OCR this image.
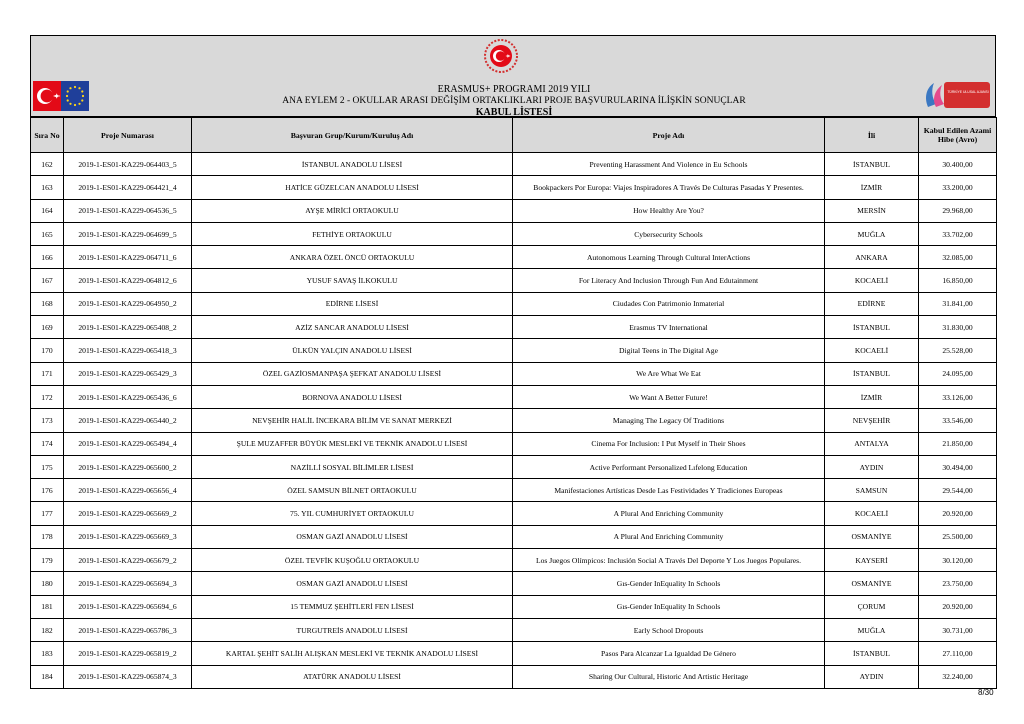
TÜRKİYE ULUSAL AJANSI
ERASMUS+ PROGRAMI 2019 YILI
ANA EYLEM 2 - OKULLAR ARASI DEĞİŞİM ORTAKLIKLARI PROJE BAŞVURULARINA İLİŞKİN SONUÇLAR
KABUL LİSTESİ
Sıra No	Proje Numarası	Başvuran Grup/Kurum/Kuruluş Adı	Proje Adı	İli	Kabul Edilen Azami Hibe (Avro)
162	2019-1-ES01-KA229-064403_5	İSTANBUL ANADOLU LİSESİ	Preventing Harassment And Violence in Eu Schools	İSTANBUL	30.400,00
163	2019-1-ES01-KA229-064421_4	HATİCE GÜZELCAN ANADOLU LİSESİ	Bookpackers Por Europa: Viajes Inspiradores A Través De Culturas Pasadas Y Presentes.	İZMİR	33.200,00
164	2019-1-ES01-KA229-064536_5	AYŞE MİRİCİ ORTAOKULU	How Healthy Are You?	MERSİN	29.968,00
165	2019-1-ES01-KA229-064699_5	FETHİYE ORTAOKULU	Cybersecurity Schools	MUĞLA	33.702,00
166	2019-1-ES01-KA229-064711_6	ANKARA ÖZEL ÖNCÜ ORTAOKULU	Autonomous Learning Through Cultural InterActions	ANKARA	32.085,00
167	2019-1-ES01-KA229-064812_6	YUSUF SAVAŞ İLKOKULU	For Literacy And Inclusion Through Fun And Edutainment	KOCAELİ	16.850,00
168	2019-1-ES01-KA229-064950_2	EDİRNE LİSESİ	Ciudades Con Patrimonio Inmaterial	EDİRNE	31.841,00
169	2019-1-ES01-KA229-065408_2	AZİZ SANCAR ANADOLU LİSESİ	Erasmus TV International	İSTANBUL	31.830,00
170	2019-1-ES01-KA229-065418_3	ÜLKÜN YALÇIN ANADOLU LİSESİ	Digital Teens in The Digital Age	KOCAELİ	25.528,00
171	2019-1-ES01-KA229-065429_3	ÖZEL GAZİOSMANPAŞA ŞEFKAT ANADOLU LİSESİ	We Are What We Eat	İSTANBUL	24.095,00
172	2019-1-ES01-KA229-065436_6	BORNOVA ANADOLU LİSESİ	We Want A Better Future!	İZMİR	33.126,00
173	2019-1-ES01-KA229-065440_2	NEVŞEHİR HALİL İNCEKARA BİLİM VE SANAT MERKEZİ	Managing The Legacy Of Traditions	NEVŞEHİR	33.546,00
174	2019-1-ES01-KA229-065494_4	ŞULE MUZAFFER BÜYÜK MESLEKİ VE TEKNİK ANADOLU LİSESİ	Cinema For Inclusion: I Put Myself in Their Shoes	ANTALYA	21.850,00
175	2019-1-ES01-KA229-065600_2	NAZİLLİ SOSYAL BİLİMLER LİSESİ	Active Performant Personalized Lıfelong Education	AYDIN	30.494,00
176	2019-1-ES01-KA229-065656_4	ÖZEL SAMSUN BİLNET ORTAOKULU	Manifestaciones Artísticas Desde Las Festividades Y Tradiciones Europeas	SAMSUN	29.544,00
177	2019-1-ES01-KA229-065669_2	75. YIL CUMHURİYET ORTAOKULU	A Plural And Enriching Community	KOCAELİ	20.920,00
178	2019-1-ES01-KA229-065669_3	OSMAN GAZİ ANADOLU LİSESİ	A Plural And Enriching Community	OSMANİYE	25.500,00
179	2019-1-ES01-KA229-065679_2	ÖZEL TEVFİK KUŞOĞLU ORTAOKULU	Los Juegos Olímpicos: Inclusión Social A Través Del Deporte Y Los Juegos Populares.	KAYSERİ	30.120,00
180	2019-1-ES01-KA229-065694_3	OSMAN GAZİ ANADOLU LİSESİ	Gıs-Gender InEquality In Schools	OSMANİYE	23.750,00
181	2019-1-ES01-KA229-065694_6	15 TEMMUZ ŞEHİTLERİ FEN LİSESİ	Gıs-Gender InEquality In Schools	ÇORUM	20.920,00
182	2019-1-ES01-KA229-065786_3	TURGUTREİS ANADOLU LİSESİ	Early School Dropouts	MUĞLA	30.731,00
183	2019-1-ES01-KA229-065819_2	KARTAL ŞEHİT SALİH ALIŞKAN MESLEKİ VE TEKNİK ANADOLU LİSESİ	Pasos Para Alcanzar La Igualdad De Género	İSTANBUL	27.110,00
184	2019-1-ES01-KA229-065874_3	ATATÜRK ANADOLU LİSESİ	Sharing Our Cultural, Historic And Artistic Heritage	AYDIN	32.240,00
8/30
